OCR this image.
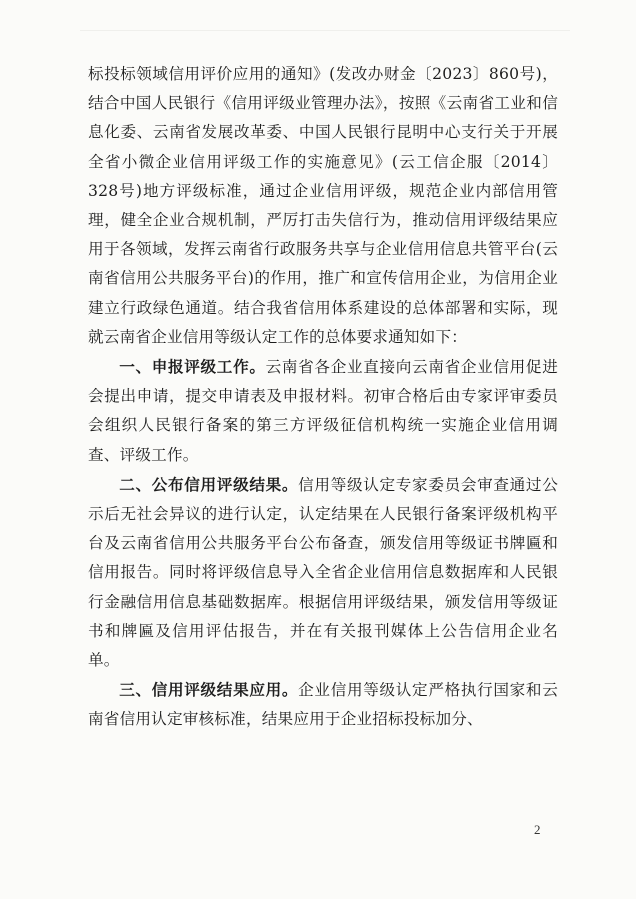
标投标领域信用评价应用的通知》(发改办财金〔2023〕860号)，结合中国人民银行《信用评级业管理办法》，按照《云南省工业和信息化委、云南省发展改革委、中国人民银行昆明中心支行关于开展全省小微企业信用评级工作的实施意见》(云工信企服〔2014〕328号)地方评级标准，通过企业信用评级，规范企业内部信用管理，健全企业合规机制，严厉打击失信行为，推动信用评级结果应用于各领域，发挥云南省行政服务共享与企业信用信息共管平台(云南省信用公共服务平台)的作用，推广和宣传信用企业，为信用企业建立行政绿色通道。结合我省信用体系建设的总体部署和实际，现就云南省企业信用等级认定工作的总体要求通知如下：

一、申报评级工作。云南省各企业直接向云南省企业信用促进会提出申请，提交申请表及申报材料。初审合格后由专家评审委员会组织人民银行备案的第三方评级征信机构统一实施企业信用调查、评级工作。

二、公布信用评级结果。信用等级认定专家委员会审查通过公示后无社会异议的进行认定，认定结果在人民银行备案评级机构平台及云南省信用公共服务平台公布备查，颁发信用等级证书牌匾和信用报告。同时将评级信息导入全省企业信用信息数据库和人民银行金融信用信息基础数据库。根据信用评级结果，颁发信用等级证书和牌匾及信用评估报告，并在有关报刊媒体上公告信用企业名单。

三、信用评级结果应用。企业信用等级认定严格执行国家和云南省信用认定审核标准，结果应用于企业招标投标加分、

2
